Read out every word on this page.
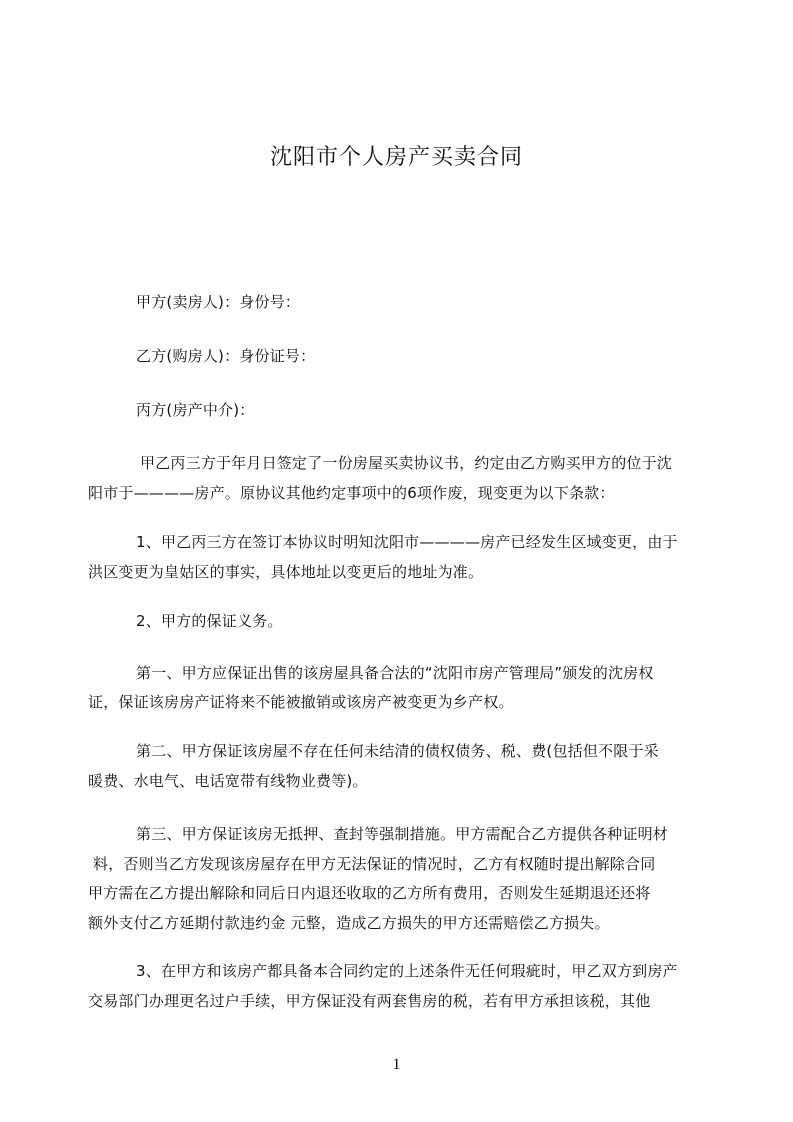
沈阳市个人房产买卖合同
甲方(卖房人)：身份号：
乙方(购房人)：身份证号：
丙方(房产中介)：
甲乙丙三方于年月日签定了一份房屋买卖协议书，约定由乙方购买甲方的位于沈
阳市于————房产。原协议其他约定事项中的6项作废，现变更为以下条款：
1、甲乙丙三方在签订本协议时明知沈阳市————房产已经发生区域变更，由于
洪区变更为皇姑区的事实，具体地址以变更后的地址为准。
2、甲方的保证义务。
第一、甲方应保证出售的该房屋具备合法的“沈阳市房产管理局”颁发的沈房权
证，保证该房房产证将来不能被撤销或该房产被变更为乡产权。
第二、甲方保证该房屋不存在任何未结清的债权债务、税、费(包括但不限于采
暖费、水电气、电话宽带有线物业费等)。
第三、甲方保证该房无抵押、查封等强制措施。甲方需配合乙方提供各种证明材
料，否则当乙方发现该房屋存在甲方无法保证的情况时，乙方有权随时提出解除合同
甲方需在乙方提出解除和同后日内退还收取的乙方所有费用，否则发生延期退还还将
额外支付乙方延期付款违约金 元整，造成乙方损失的甲方还需赔偿乙方损失。
3、在甲方和该房产都具备本合同约定的上述条件无任何瑕疵时，甲乙双方到房产
交易部门办理更名过户手续，甲方保证没有两套售房的税，若有甲方承担该税，其他
1
